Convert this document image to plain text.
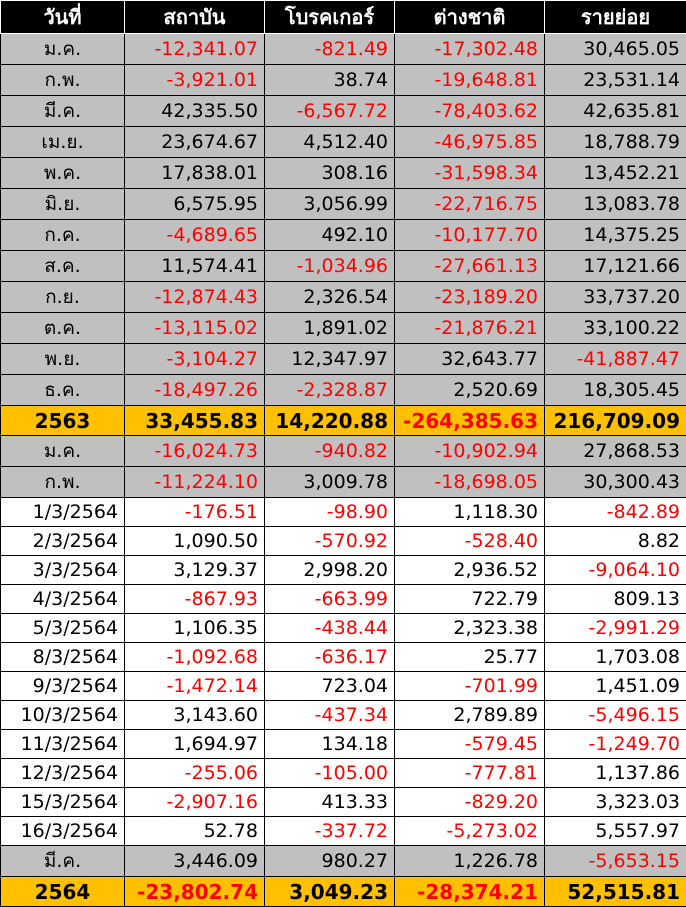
วันที่	สถาบัน	โบรคเกอร์	ต่างชาติ	รายย่อย
ม.ค.	-12,341.07	-821.49	-17,302.48	30,465.05
ก.พ.	-3,921.01	38.74	-19,648.81	23,531.14
มี.ค.	42,335.50	-6,567.72	-78,403.62	42,635.81
เม.ย.	23,674.67	4,512.40	-46,975.85	18,788.79
พ.ค.	17,838.01	308.16	-31,598.34	13,452.21
มิ.ย.	6,575.95	3,056.99	-22,716.75	13,083.78
ก.ค.	-4,689.65	492.10	-10,177.70	14,375.25
ส.ค.	11,574.41	-1,034.96	-27,661.13	17,121.66
ก.ย.	-12,874.43	2,326.54	-23,189.20	33,737.20
ต.ค.	-13,115.02	1,891.02	-21,876.21	33,100.22
พ.ย.	-3,104.27	12,347.97	32,643.77	-41,887.47
ธ.ค.	-18,497.26	-2,328.87	2,520.69	18,305.45
2563	33,455.83	14,220.88	-264,385.63	216,709.09
ม.ค.	-16,024.73	-940.82	-10,902.94	27,868.53
ก.พ.	-11,224.10	3,009.78	-18,698.05	30,300.43
1/3/2564	-176.51	-98.90	1,118.30	-842.89
2/3/2564	1,090.50	-570.92	-528.40	8.82
3/3/2564	3,129.37	2,998.20	2,936.52	-9,064.10
4/3/2564	-867.93	-663.99	722.79	809.13
5/3/2564	1,106.35	-438.44	2,323.38	-2,991.29
8/3/2564	-1,092.68	-636.17	25.77	1,703.08
9/3/2564	-1,472.14	723.04	-701.99	1,451.09
10/3/2564	3,143.60	-437.34	2,789.89	-5,496.15
11/3/2564	1,694.97	134.18	-579.45	-1,249.70
12/3/2564	-255.06	-105.00	-777.81	1,137.86
15/3/2564	-2,907.16	413.33	-829.20	3,323.03
16/3/2564	52.78	-337.72	-5,273.02	5,557.97
มี.ค.	3,446.09	980.27	1,226.78	-5,653.15
2564	-23,802.74	3,049.23	-28,374.21	52,515.81
